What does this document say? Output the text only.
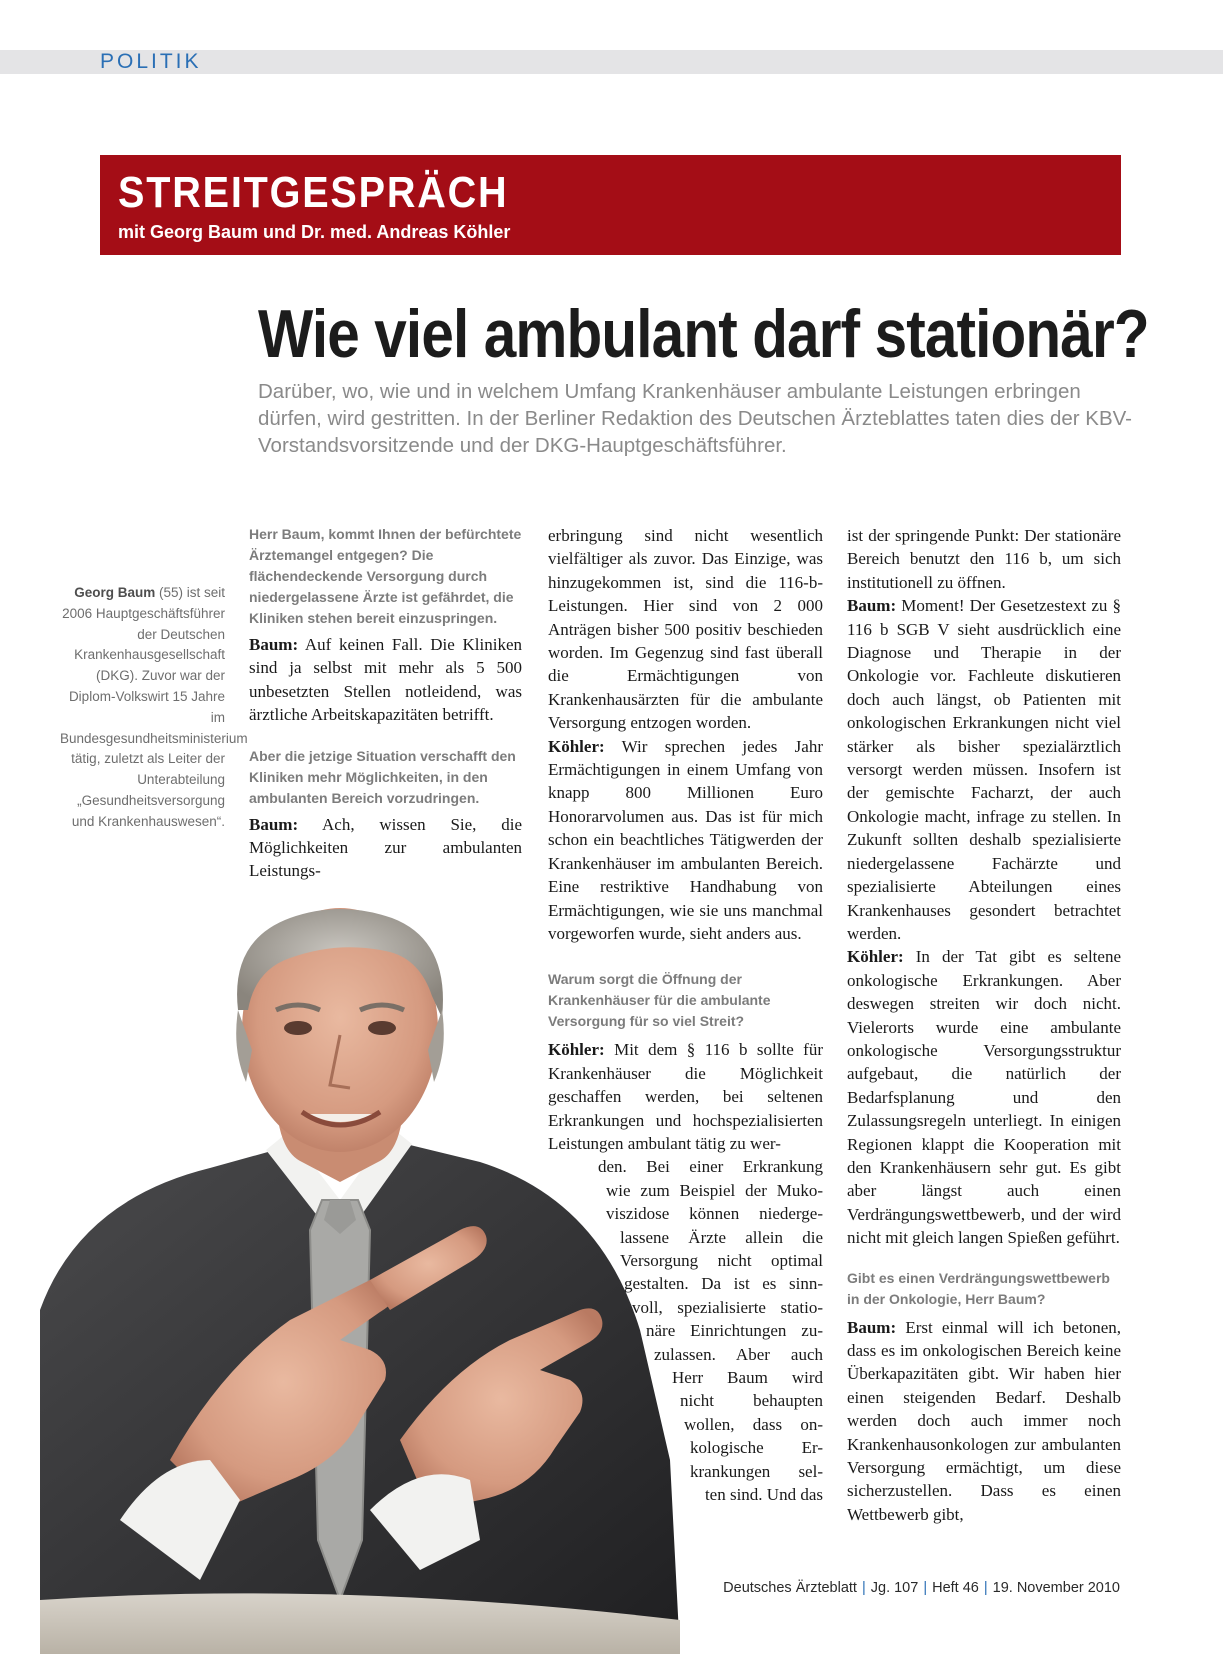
POLITIK
STREITGESPRÄCH
mit Georg Baum und Dr. med. Andreas Köhler
Wie viel ambulant darf stationär?
Darüber, wo, wie und in welchem Umfang Krankenhäuser ambulante Leistungen erbringen dürfen, wird gestritten. In der Berliner Redaktion des Deutschen Ärzteblattes taten dies der KBV-Vorstandsvorsitzende und der DKG-Hauptgeschäftsführer.
Georg Baum (55) ist seit 2006 Hauptgeschäftsführer der Deutschen Krankenhausgesellschaft (DKG). Zuvor war der Diplom-Volkswirt 15 Jahre im Bundesgesundheitsministerium tätig, zuletzt als Leiter der Unterabteilung „Gesundheitsversorgung und Krankenhauswesen“.

Herr Baum, kommt Ihnen der befürchtete Ärztemangel entgegen? Die flächendeckende Versorgung durch niedergelassene Ärzte ist gefährdet, die Kliniken stehen bereit einzuspringen.

Baum: Auf keinen Fall. Die Kliniken sind ja selbst mit mehr als 5 500 unbesetzten Stellen notleidend, was ärztliche Arbeitskapazitäten betrifft.

Aber die jetzige Situation verschafft den Kliniken mehr Möglichkeiten, in den ambulanten Bereich vorzudringen.

Baum: Ach, wissen Sie, die Möglichkeiten zur ambulanten Leistungs-

erbringung sind nicht wesentlich vielfältiger als zuvor. Das Einzige, was hinzugekommen ist, sind die 116-b-Leistungen. Hier sind von 2 000 Anträgen bisher 500 positiv beschieden worden. Im Gegenzug sind fast überall die Ermächtigungen von Krankenhausärzten für die ambulante Versorgung entzogen worden.

Köhler: Wir sprechen jedes Jahr Ermächtigungen in einem Umfang von knapp 800 Millionen Euro Honorarvolumen aus. Das ist für mich schon ein beachtliches Tätigwerden der Krankenhäuser im ambulanten Bereich. Eine restriktive Handhabung von Ermächtigungen, wie sie uns manchmal vorgeworfen wurde, sieht anders aus.

Warum sorgt die Öffnung der Krankenhäuser für die ambulante Versorgung für so viel Streit?

Köhler: Mit dem § 116 b sollte für Krankenhäuser die Möglichkeit geschaffen werden, bei seltenen Erkrankungen und hochspezialisierten Leistungen ambulant tätig zu wer-

den. Bei einer Erkrankung
wie zum Beispiel der Muko-
viszidose können niederge-
lassene Ärzte allein die
Versorgung nicht optimal
gestalten. Da ist es sinn-
voll, spezialisierte statio-
näre Einrichtungen zu-
zulassen. Aber auch
Herr Baum wird
nicht behaupten
wollen, dass on-
kologische Er-
krankungen sel-
ten sind. Und das

ist der springende Punkt: Der stationäre Bereich benutzt den 116 b, um sich institutionell zu öffnen.

Baum: Moment! Der Gesetzestext zu § 116 b SGB V sieht ausdrücklich eine Diagnose und Therapie in der Onkologie vor. Fachleute diskutieren doch auch längst, ob Patienten mit onkologischen Erkrankungen nicht viel stärker als bisher spezialärztlich versorgt werden müssen. Insofern ist der gemischte Facharzt, der auch Onkologie macht, infrage zu stellen. In Zukunft sollten deshalb spezialisierte niedergelassene Fachärzte und spezialisierte Abteilungen eines Krankenhauses gesondert betrachtet werden.

Köhler: In der Tat gibt es seltene onkologische Erkrankungen. Aber deswegen streiten wir doch nicht. Vielerorts wurde eine ambulante onkologische Versorgungsstruktur aufgebaut, die natürlich der Bedarfsplanung und den Zulassungsregeln unterliegt. In einigen Regionen klappt die Kooperation mit den Krankenhäusern sehr gut. Es gibt aber längst auch einen Verdrängungswettbewerb, und der wird nicht mit gleich langen Spießen geführt.

Gibt es einen Verdrängungswettbewerb in der Onkologie, Herr Baum?

Baum: Erst einmal will ich betonen, dass es im onkologischen Bereich keine Überkapazitäten gibt. Wir haben hier einen steigenden Bedarf. Deshalb werden doch auch immer noch Krankenhausonkologen zur ambulanten Versorgung ermächtigt, um diese sicherzustellen. Dass es einen Wettbewerb gibt,

Deutsches Ärzteblatt | Jg. 107 | Heft 46 | 19. November 2010
